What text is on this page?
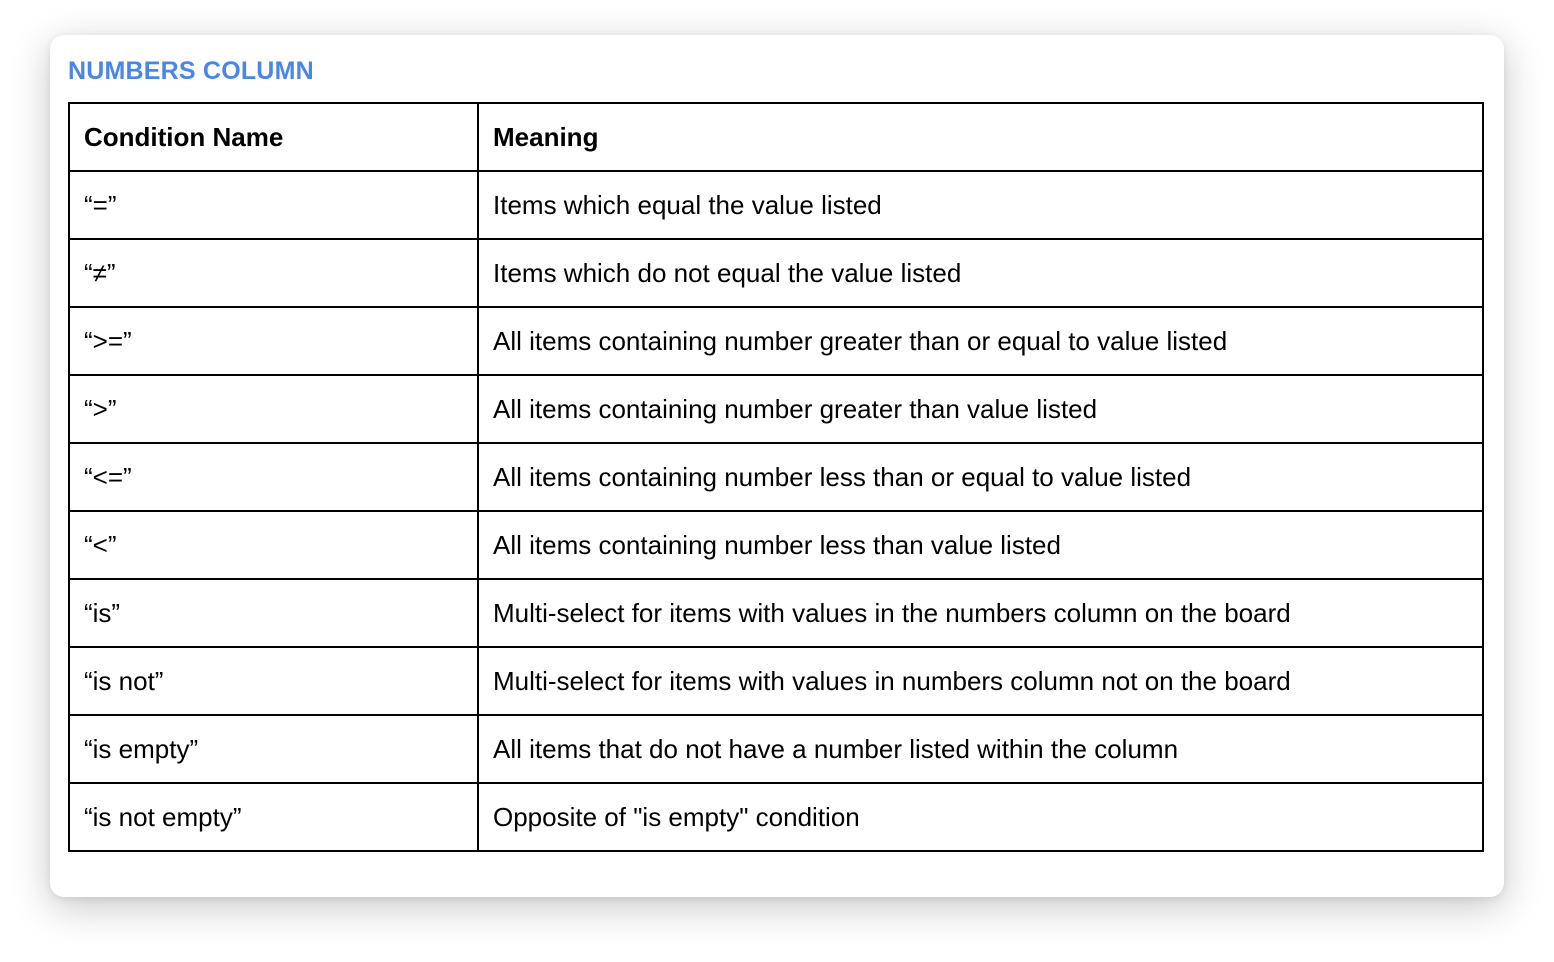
NUMBERS COLUMN
Condition Name	Meaning
“=”	Items which equal the value listed
“≠”	Items which do not equal the value listed
“>=”	All items containing number greater than or equal to value listed
“>”	All items containing number greater than value listed
“<=”	All items containing number less than or equal to value listed
“<”	All items containing number less than value listed
“is”	Multi-select for items with values in the numbers column on the board
“is not”	Multi-select for items with values in numbers column not on the board
“is empty”	All items that do not have a number listed within the column
“is not empty”	Opposite of "is empty" condition
